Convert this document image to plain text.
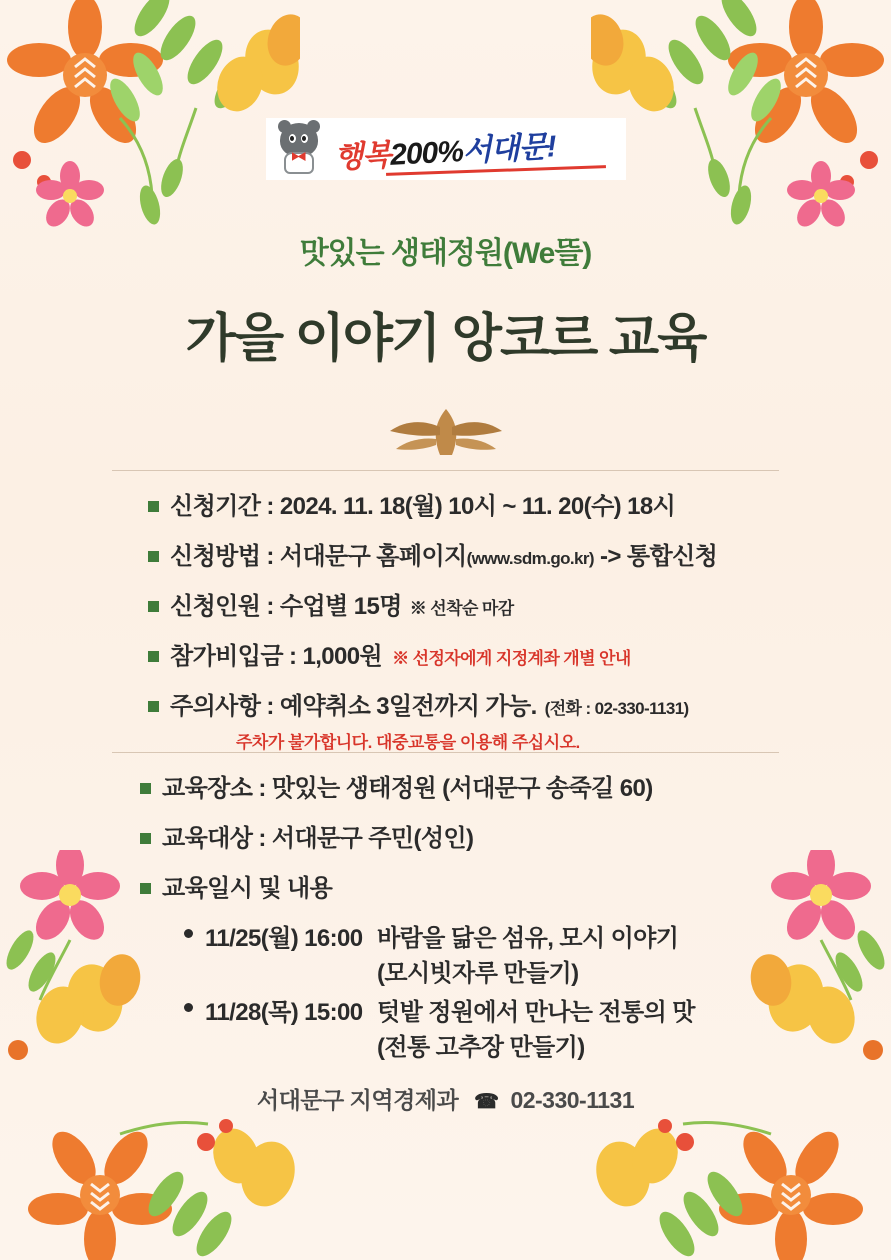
행복200%서대문!
맛있는 생태정원(We뜰)
가을 이야기 앙코르 교육
신청기간 :
2024. 11. 18(월) 10시 ~ 11. 20(수) 18시
신청방법 :
서대문구 홈페이지 (www.sdm.go.kr)
-> 통합신청
신청인원 :
수업별 15명 ※ 선착순 마감
참가비입금 :
1,000원 ※ 선정자에게 지정계좌 개별 안내
주의사항 :
예약취소 3일전까지 가능. (전화 : 02-330-1131)
주차가 불가합니다. 대중교통을 이용해 주십시오.
교육장소 :
맛있는 생태정원 (서대문구 송죽길 60)
교육대상 :
서대문구 주민(성인)
교육일시 및 내용
11/25(월) 16:00 바람을 닮은 섬유, 모시 이야기
(모시빗자루 만들기)
11/28(목) 15:00 텃밭 정원에서 만나는 전통의 맛
(전통 고추장 만들기)
서대문구 지역경제과 ☎ 02-330-1131
